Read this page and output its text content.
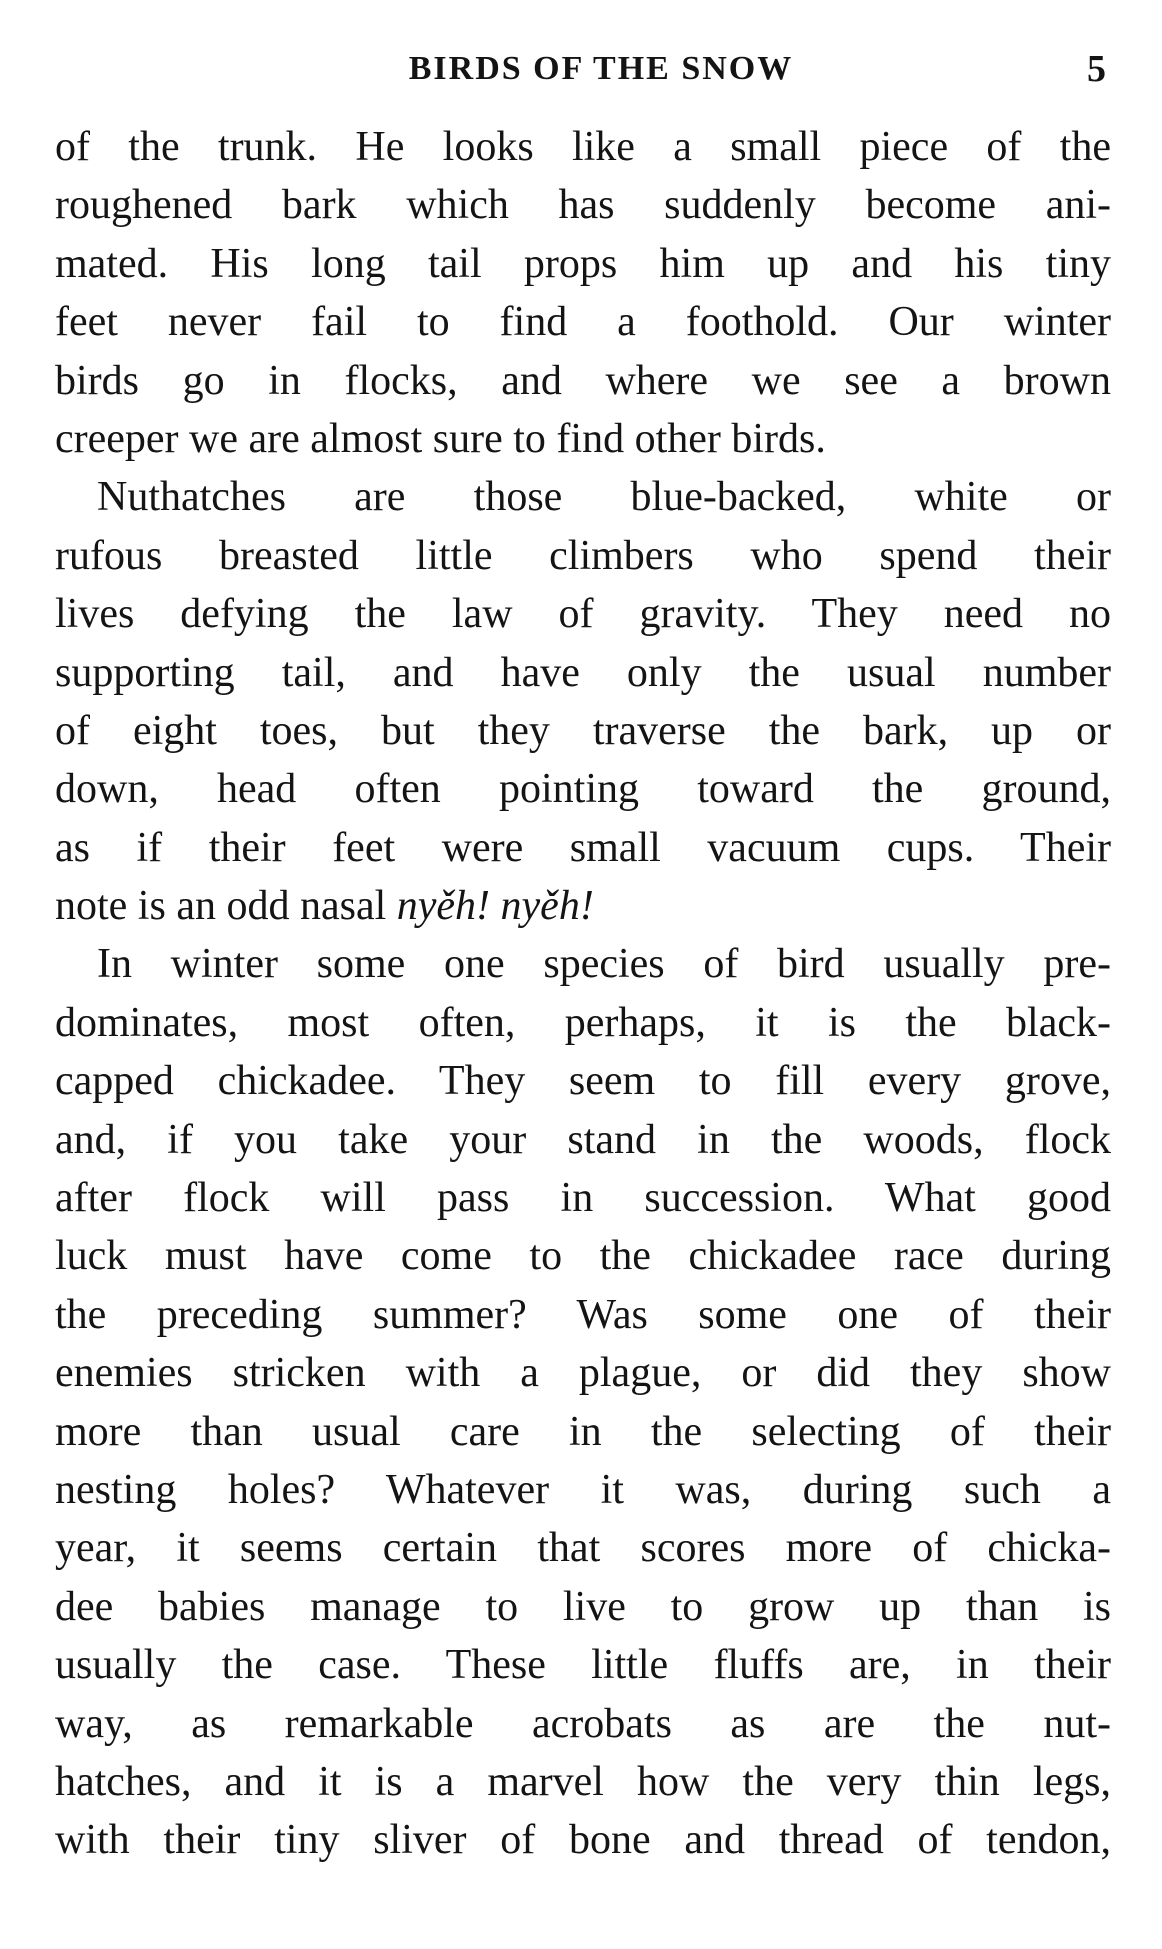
BIRDS OF THE SNOW	5

of the trunk. He looks like a small piece of the
roughened bark which has suddenly become ani-
mated. His long tail props him up and his tiny
feet never fail to find a foothold. Our winter
birds go in flocks, and where we see a brown
creeper we are almost sure to find other birds.

Nuthatches are those blue-backed, white or
rufous breasted little climbers who spend their
lives defying the law of gravity. They need no
supporting tail, and have only the usual number
of eight toes, but they traverse the bark, up or
down, head often pointing toward the ground,
as if their feet were small vacuum cups. Their
note is an odd nasal nyěh! nyěh!

In winter some one species of bird usually pre-
dominates, most often, perhaps, it is the black-
capped chickadee. They seem to fill every grove,
and, if you take your stand in the woods, flock
after flock will pass in succession. What good
luck must have come to the chickadee race during
the preceding summer? Was some one of their
enemies stricken with a plague, or did they show
more than usual care in the selecting of their
nesting holes? Whatever it was, during such a
year, it seems certain that scores more of chicka-
dee babies manage to live to grow up than is
usually the case. These little fluffs are, in their
way, as remarkable acrobats as are the nut-
hatches, and it is a marvel how the very thin legs,
with their tiny sliver of bone and thread of tendon,
